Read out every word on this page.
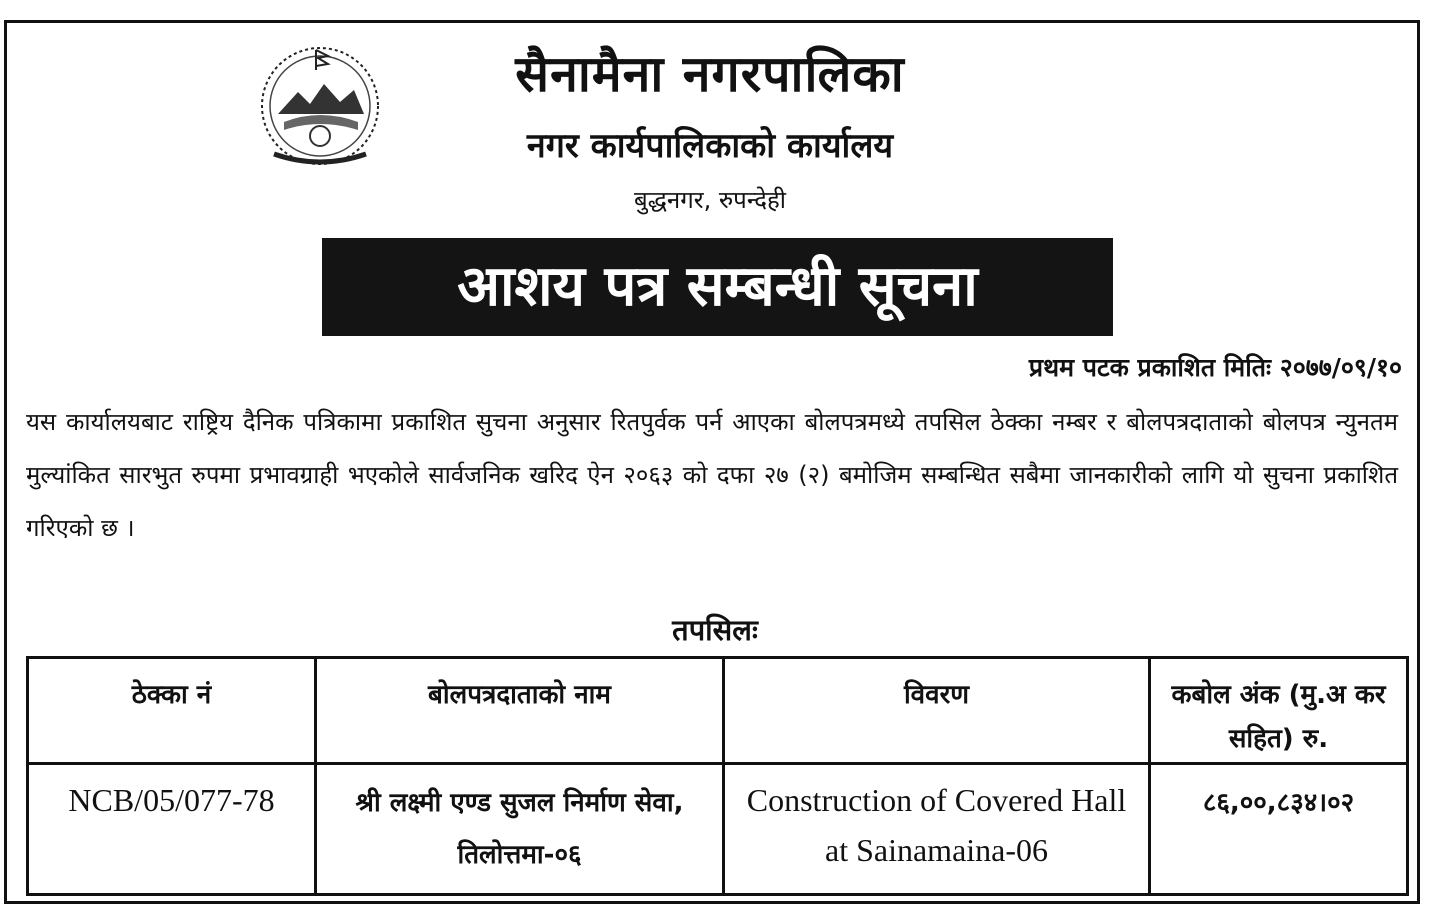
सैनामैना नगरपालिका
नगर कार्यपालिकाको कार्यालय
बुद्धनगर, रुपन्देही
आशय पत्र सम्बन्धी सूचना
प्रथम पटक प्रकाशित मितिः २०७७/०९/१०
यस कार्यालयबाट राष्ट्रिय दैनिक पत्रिकामा प्रकाशित सुचना अनुसार रितपुर्वक पर्न आएका बोलपत्रमध्ये तपसिल ठेक्का नम्बर र बोलपत्रदाताको बोलपत्र न्युनतम मुल्यांकित सारभुत रुपमा प्रभावग्राही भएकोले सार्वजनिक खरिद ऐन २०६३ को दफा २७ (२) बमोजिम सम्बन्धित सबैमा जानकारीको लागि यो सुचना प्रकाशित गरिएको छ ।
तपसिलः
ठेक्का नं	बोलपत्रदाताको नाम	विवरण	कबोल अंक (मु.अ कर सहित) रु.
NCB/05/077-78	श्री लक्ष्मी एण्ड सुजल निर्माण सेवा, तिलोत्तमा-०६	Construction of Covered Hall at Sainamaina-06	८६,००,८३४।०२
